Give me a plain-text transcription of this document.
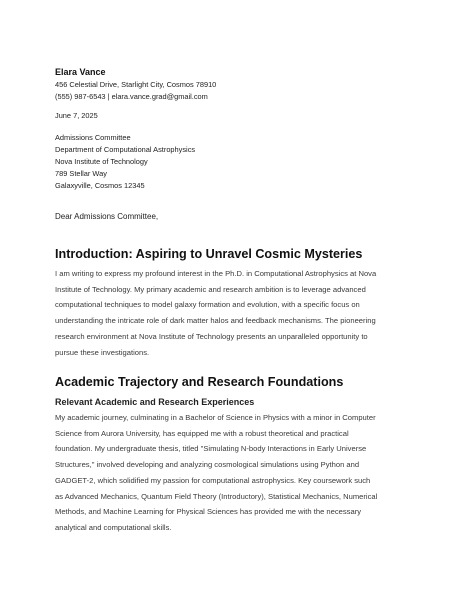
Elara Vance

456 Celestial Drive, Starlight City, Cosmos 78910

(555) 987-6543 | elara.vance.grad@gmail.com

June 7, 2025

Admissions Committee

Department of Computational Astrophysics

Nova Institute of Technology

789 Stellar Way

Galaxyville, Cosmos 12345

Dear Admissions Committee,
Introduction: Aspiring to Unravel Cosmic Mysteries

I am writing to express my profound interest in the Ph.D. in Computational Astrophysics at Nova

Institute of Technology. My primary academic and research ambition is to leverage advanced

computational techniques to model galaxy formation and evolution, with a specific focus on

understanding the intricate role of dark matter halos and feedback mechanisms. The pioneering

research environment at Nova Institute of Technology presents an unparalleled opportunity to

pursue these investigations.

Academic Trajectory and Research Foundations
Relevant Academic and Research Experiences

My academic journey, culminating in a Bachelor of Science in Physics with a minor in Computer

Science from Aurora University, has equipped me with a robust theoretical and practical

foundation. My undergraduate thesis, titled "Simulating N-body Interactions in Early Universe

Structures," involved developing and analyzing cosmological simulations using Python and

GADGET-2, which solidified my passion for computational astrophysics. Key coursework such

as Advanced Mechanics, Quantum Field Theory (Introductory), Statistical Mechanics, Numerical

Methods, and Machine Learning for Physical Sciences has provided me with the necessary

analytical and computational skills.
